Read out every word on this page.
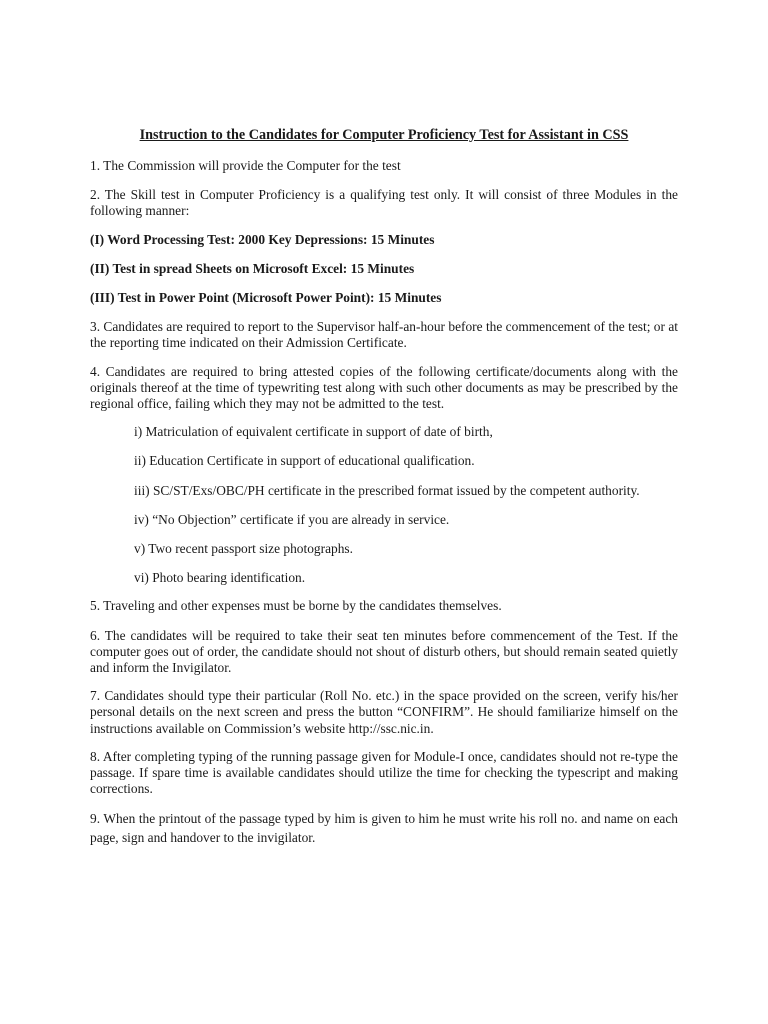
Instruction to the Candidates for Computer Proficiency Test for Assistant in CSS

1. The Commission will provide the Computer for the test

2. The Skill test in Computer Proficiency is a qualifying test only. It will consist of three Modules in the following manner:

(I) Word Processing Test: 2000 Key Depressions: 15 Minutes

(II) Test in spread Sheets on Microsoft Excel: 15 Minutes

(III) Test in Power Point (Microsoft Power Point): 15 Minutes

3. Candidates are required to report to the Supervisor half-an-hour before the commencement of the test; or at the reporting time indicated on their Admission Certificate.

4. Candidates are required to bring attested copies of the following certificate/documents along with the originals thereof at the time of typewriting test along with such other documents as may be prescribed by the regional office, failing which they may not be admitted to the test.

i) Matriculation of equivalent certificate in support of date of birth,
ii) Education Certificate in support of educational qualification.
iii) SC/ST/Exs/OBC/PH certificate in the prescribed format issued by the competent authority.
iv) “No Objection” certificate if you are already in service.
v) Two recent passport size photographs.
vi) Photo bearing identification.

5. Traveling and other expenses must be borne by the candidates themselves.

6. The candidates will be required to take their seat ten minutes before commencement of the Test. If the computer goes out of order, the candidate should not shout of disturb others, but should remain seated quietly and inform the Invigilator.

7. Candidates should type their particular (Roll No. etc.) in the space provided on the screen, verify his/her personal details on the next screen and press the button “CONFIRM”. He should familiarize himself on the instructions available on Commission’s website http://ssc.nic.in.

8. After completing typing of the running passage given for Module-I once, candidates should not re-type the passage. If spare time is available candidates should utilize the time for checking the typescript and making corrections.

9. When the printout of the passage typed by him is given to him he must write his roll no. and name on each page, sign and handover to the invigilator.
